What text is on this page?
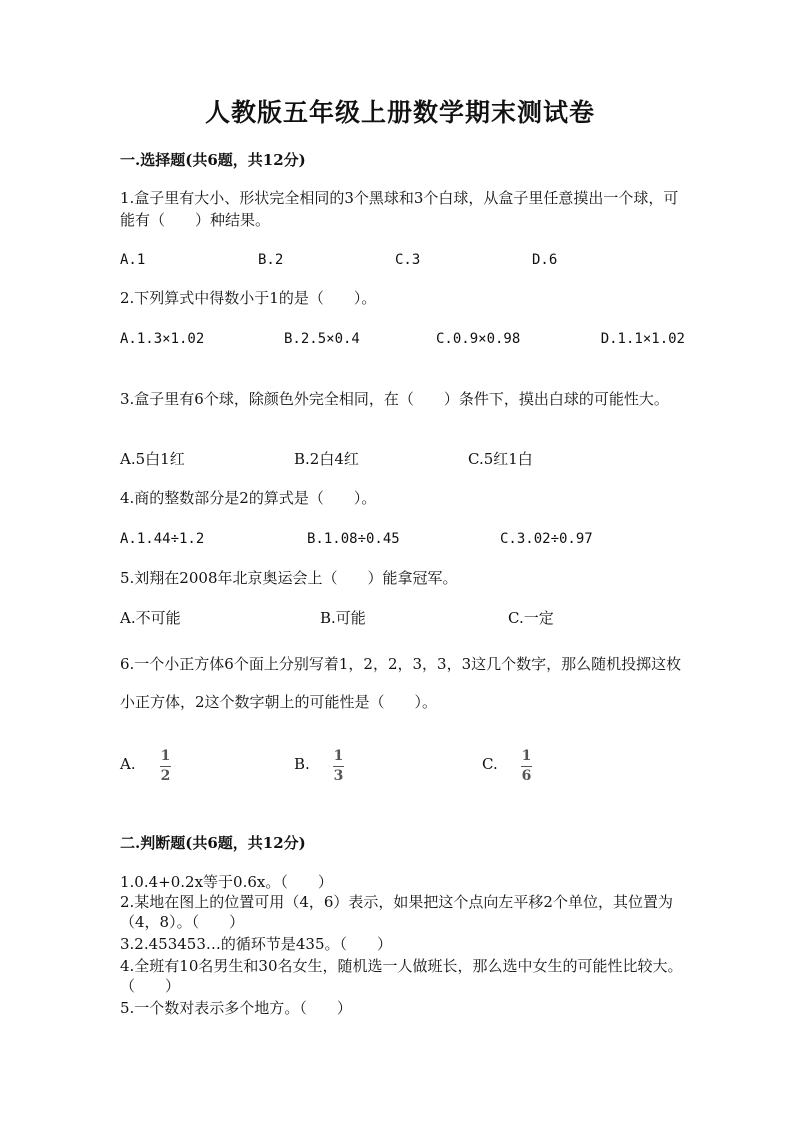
人教版五年级上册数学期末测试卷
一.选择题(共6题，共12分)
1.盒子里有大小、形状完全相同的3个黑球和3个白球，从盒子里任意摸出一个球，可能有（　　）种结果。
A.1	B.2	C.3	D.6
2.下列算式中得数小于1的是（　　）。
A.1.3×1.02	B.2.5×0.4	C.0.9×0.98	D.1.1×1.02
3.盒子里有6个球，除颜色外完全相同，在（　　）条件下，摸出白球的可能性大。
A.5白1红	B.2白4红	C.5红1白
4.商的整数部分是2的算式是（　　）。
A.1.44÷1.2	B.1.08÷0.45	C.3.02÷0.97
5.刘翔在2008年北京奥运会上（　　）能拿冠军。
A.不可能	B.可能	C.一定
6.一个小正方体6个面上分别写着1，2，2，3，3，3这几个数字，那么随机投掷这枚小正方体，2这个数字朝上的可能性是（　　）。
A. 1
2
B. 1
3
C. 1
6
二.判断题(共6题，共12分)
1.0.4+0.2x等于0.6x。（　　）
2.某地在图上的位置可用（4，6）表示，如果把这个点向左平移2个单位，其位置为（4，8）。（　　）
3.2.453453…的循环节是435。（　　）
4.全班有10名男生和30名女生，随机选一人做班长，那么选中女生的可能性比较大。（　　）
5.一个数对表示多个地方。（　　）
